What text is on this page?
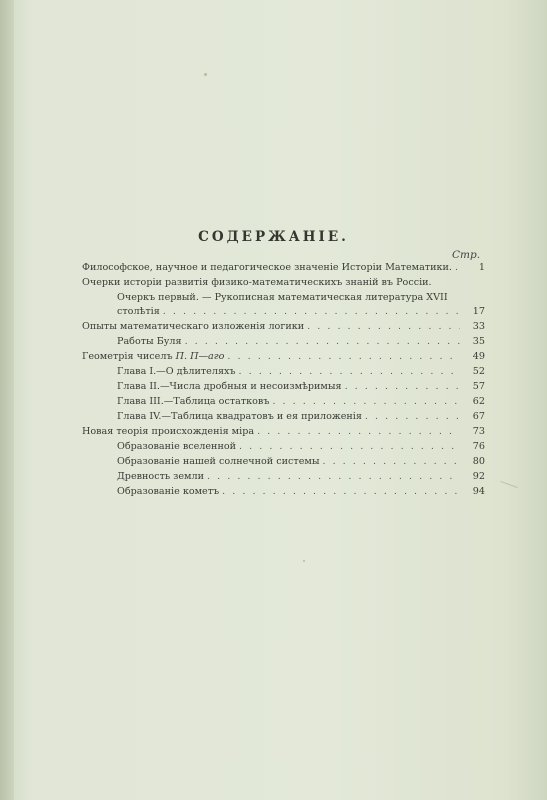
СОДЕРЖАНІЕ.
Стр.
Философское, научное и педагогическое значеніе Исторіи Математики. . . .	1
Очерки исторіи развитія физико-математическихъ знаній въ Россіи.
Очеркъ первый. — Рукописная математическая литература XVII
столѣтія . . .	17
Опыты математическаго изложенія логики . . .	33
Работы Буля . . .	35
Геометрія чиселъ П. П—аго . . .	49
Глава I.—О дѣлителяхъ . . .	52
Глава II.—Числа дробныя и несоизмѣримыя . . .	57
Глава III.—Таблица остатковъ . . .	62
Глава IV.—Таблица квадратовъ и ея приложенія . . .	67
Новая теорія происхожденія міра . . .	73
Образованіе вселенной . . .	76
Образованіе нашей солнечной системы . . .	80
Древность земли . . .	92
Образованіе кометъ . . .	94
